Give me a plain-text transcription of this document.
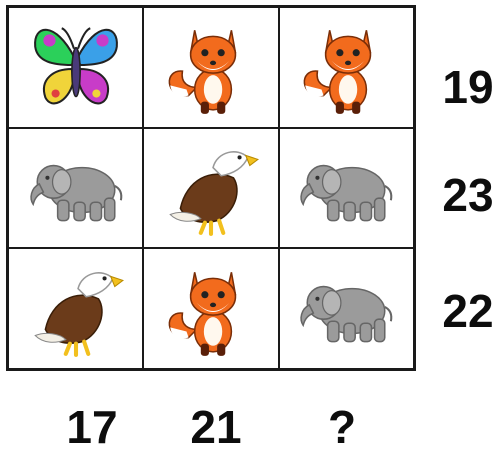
19
23
22
17	21	?
